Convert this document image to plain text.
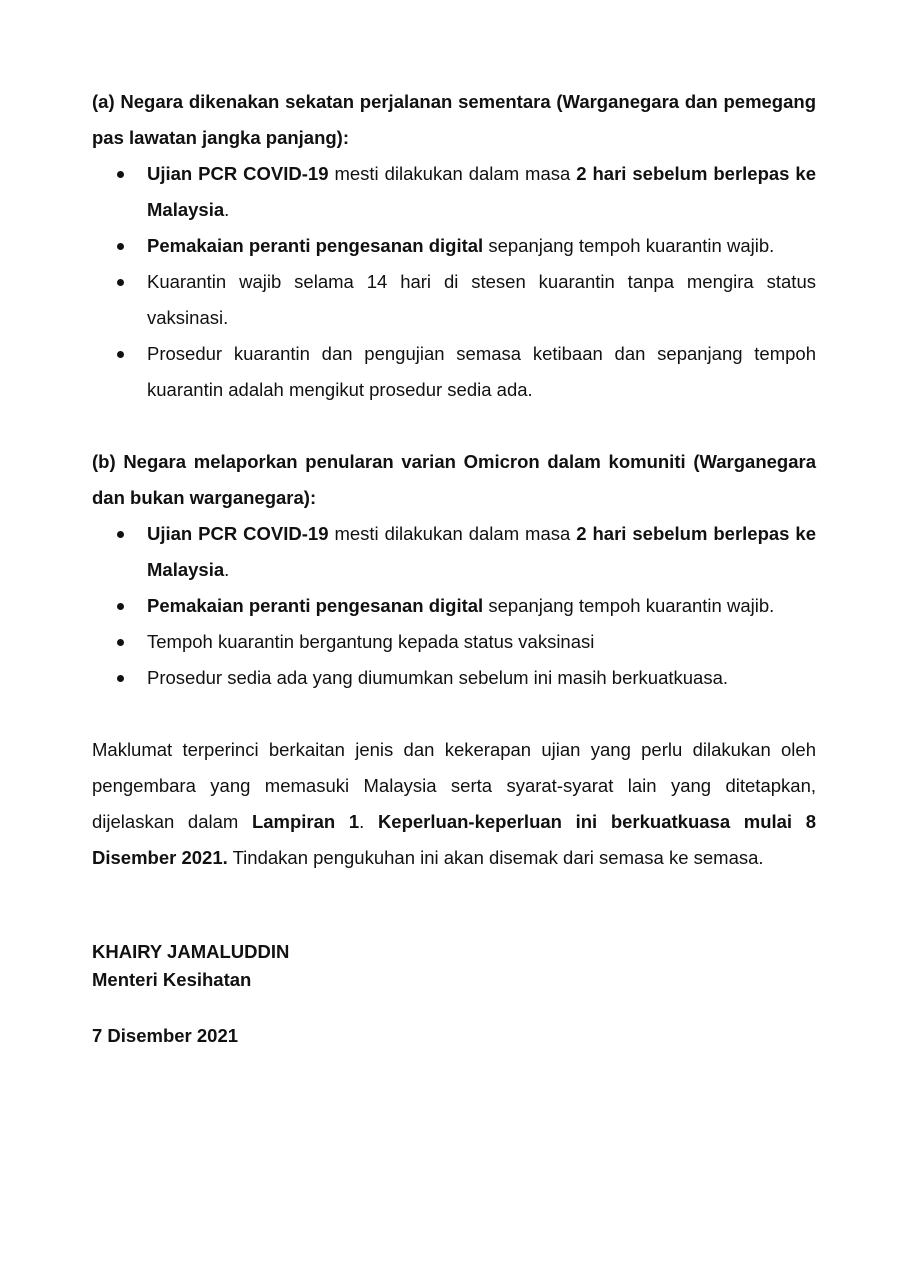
(a) Negara dikenakan sekatan perjalanan sementara (Warganegara dan pemegang pas lawatan jangka panjang):

Ujian PCR COVID-19 mesti dilakukan dalam masa 2 hari sebelum berlepas ke Malaysia.
Pemakaian peranti pengesanan digital sepanjang tempoh kuarantin wajib.
Kuarantin wajib selama 14 hari di stesen kuarantin tanpa mengira status vaksinasi.
Prosedur kuarantin dan pengujian semasa ketibaan dan sepanjang tempoh kuarantin adalah mengikut prosedur sedia ada.

(b) Negara melaporkan penularan varian Omicron dalam komuniti (Warganegara dan bukan warganegara):

Ujian PCR COVID-19 mesti dilakukan dalam masa 2 hari sebelum berlepas ke Malaysia.
Pemakaian peranti pengesanan digital sepanjang tempoh kuarantin wajib.
Tempoh kuarantin bergantung kepada status vaksinasi
Prosedur sedia ada yang diumumkan sebelum ini masih berkuatkuasa.

Maklumat terperinci berkaitan jenis dan kekerapan ujian yang perlu dilakukan oleh pengembara yang memasuki Malaysia serta syarat-syarat lain yang ditetapkan, dijelaskan dalam Lampiran 1. Keperluan-keperluan ini berkuatkuasa mulai 8 Disember 2021. Tindakan pengukuhan ini akan disemak dari semasa ke semasa.

KHAIRY JAMALUDDIN

Menteri Kesihatan

7 Disember 2021
